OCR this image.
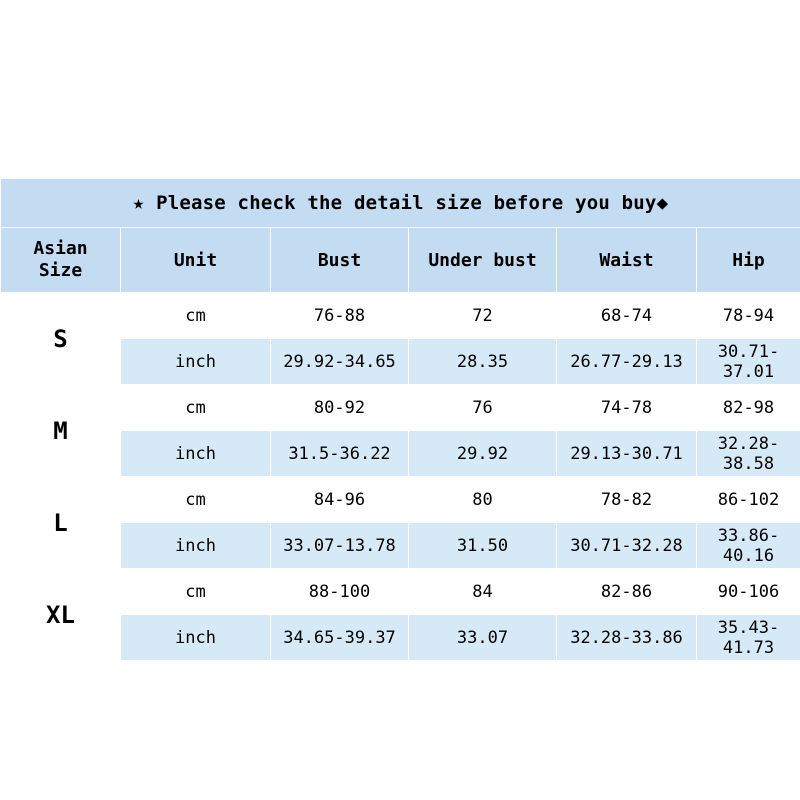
★ Please check the detail size before you buy◆					

Asian
Size	Unit	Bust	Under bust	Waist	Hip
S	cm	76-88	72	68-74	78-94
	inch	29.92-34.65	28.35	26.77-29.13	30.71-37.01
M	cm	80-92	76	74-78	82-98
	inch	31.5-36.22	29.92	29.13-30.71	32.28-38.58
L	cm	84-96	80	78-82	86-102
	inch	33.07-13.78	31.50	30.71-32.28	33.86-40.16
XL	cm	88-100	84	82-86	90-106
	inch	34.65-39.37	33.07	32.28-33.86	35.43-41.73
